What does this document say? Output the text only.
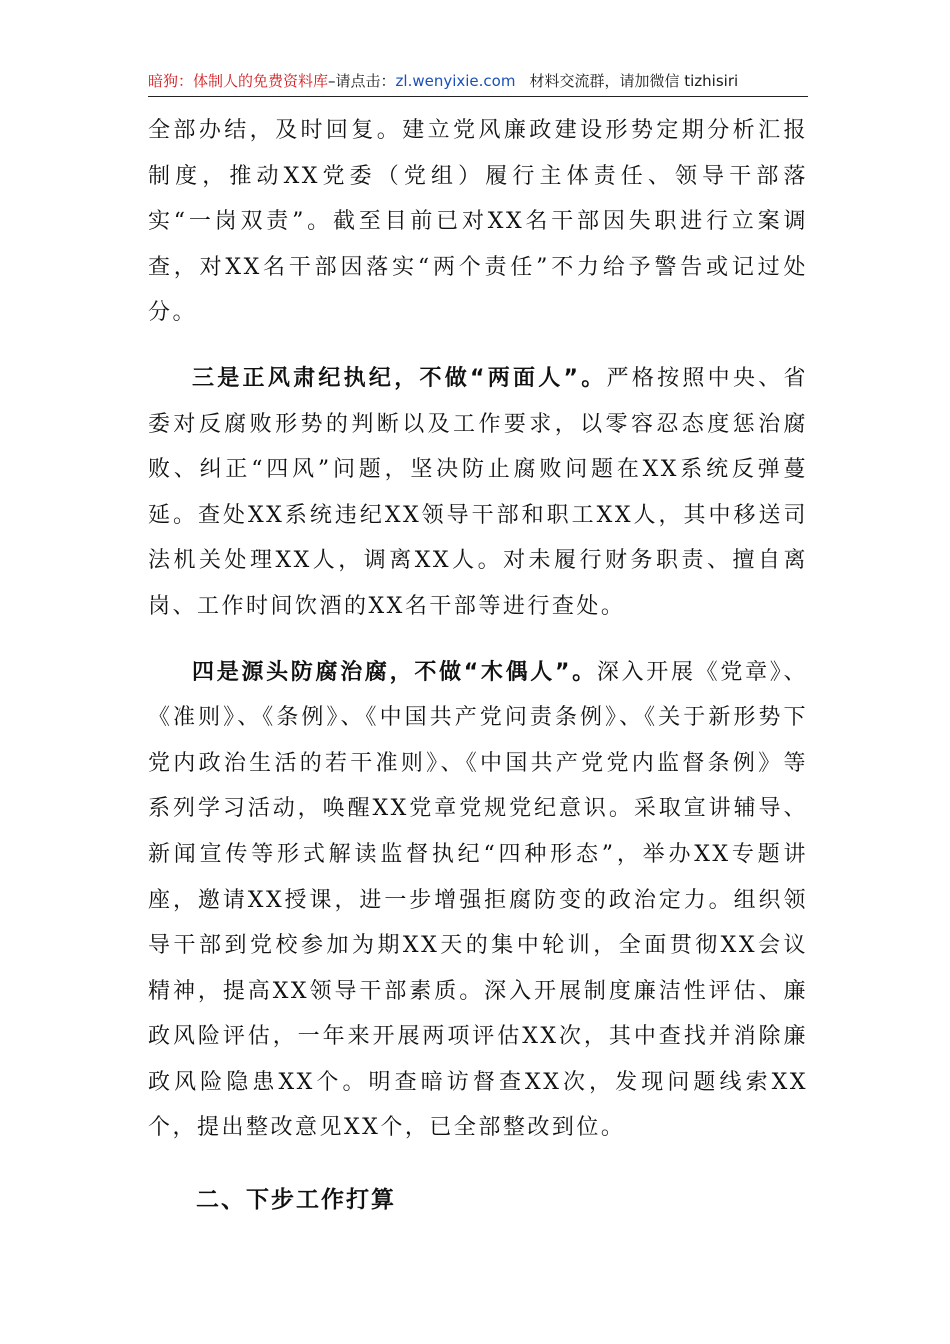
暗狗：体制人的免费资料库–请点击：zl.wenyixie.com 材料交流群，请加微信 tizhisiri

全部办结，及时回复。建立党风廉政建设形势定期分析汇报制度，推动XX党委（党组）履行主体责任、领导干部落实“一岗双责”。截至目前已对XX名干部因失职进行立案调查，对XX名干部因落实“两个责任”不力给予警告或记过处分。

三是正风肃纪执纪，不做“两面人”。严格按照中央、省委对反腐败形势的判断以及工作要求，以零容忍态度惩治腐败、纠正“四风”问题，坚决防止腐败问题在XX系统反弹蔓延。查处XX系统违纪XX领导干部和职工XX人，其中移送司法机关处理XX人，调离XX人。对未履行财务职责、擅自离岗、工作时间饮酒的XX名干部等进行查处。

四是源头防腐治腐，不做“木偶人”。深入开展《党章》、《准则》、《条例》、《中国共产党问责条例》、《关于新形势下党内政治生活的若干准则》、《中国共产党党内监督条例》等系列学习活动，唤醒XX党章党规党纪意识。采取宣讲辅导、新闻宣传等形式解读监督执纪“四种形态”，举办XX专题讲座，邀请XX授课，进一步增强拒腐防变的政治定力。组织领导干部到党校参加为期XX天的集中轮训，全面贯彻XX会议精神，提高XX领导干部素质。深入开展制度廉洁性评估、廉政风险评估，一年来开展两项评估XX次，其中查找并消除廉政风险隐患XX个。明查暗访督查XX次，发现问题线索XX个，提出整改意见XX个，已全部整改到位。

二、下步工作打算
